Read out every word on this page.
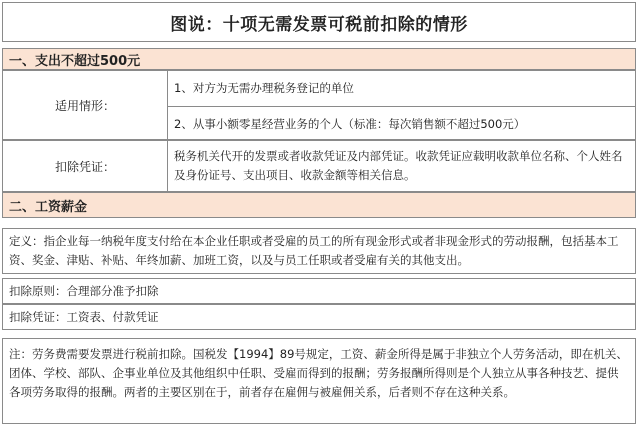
图说：十项无需发票可税前扣除的情形
一、支出不超过500元
适用情形：
1、对方为无需办理税务登记的单位
2、从事小额零星经营业务的个人（标准：每次销售额不超过500元）
扣除凭证：
税务机关代开的发票或者收款凭证及内部凭证。收款凭证应载明收款单位名称、个人姓名及身份证号、支出项目、收款金额等相关信息。
二、工资薪金
定义：指企业每一纳税年度支付给在本企业任职或者受雇的员工的所有现金形式或者非现金形式的劳动报酬，包括基本工资、奖金、津贴、补贴、年终加薪、加班工资，以及与员工任职或者受雇有关的其他支出。
扣除原则：合理部分准予扣除
扣除凭证：工资表、付款凭证
注：劳务费需要发票进行税前扣除。国税发【1994】89号规定，工资、薪金所得是属于非独立个人劳务活动，即在机关、团体、学校、部队、企事业单位及其他组织中任职、受雇而得到的报酬；劳务报酬所得则是个人独立从事各种技艺、提供各项劳务取得的报酬。两者的主要区别在于，前者存在雇佣与被雇佣关系，后者则不存在这种关系。
